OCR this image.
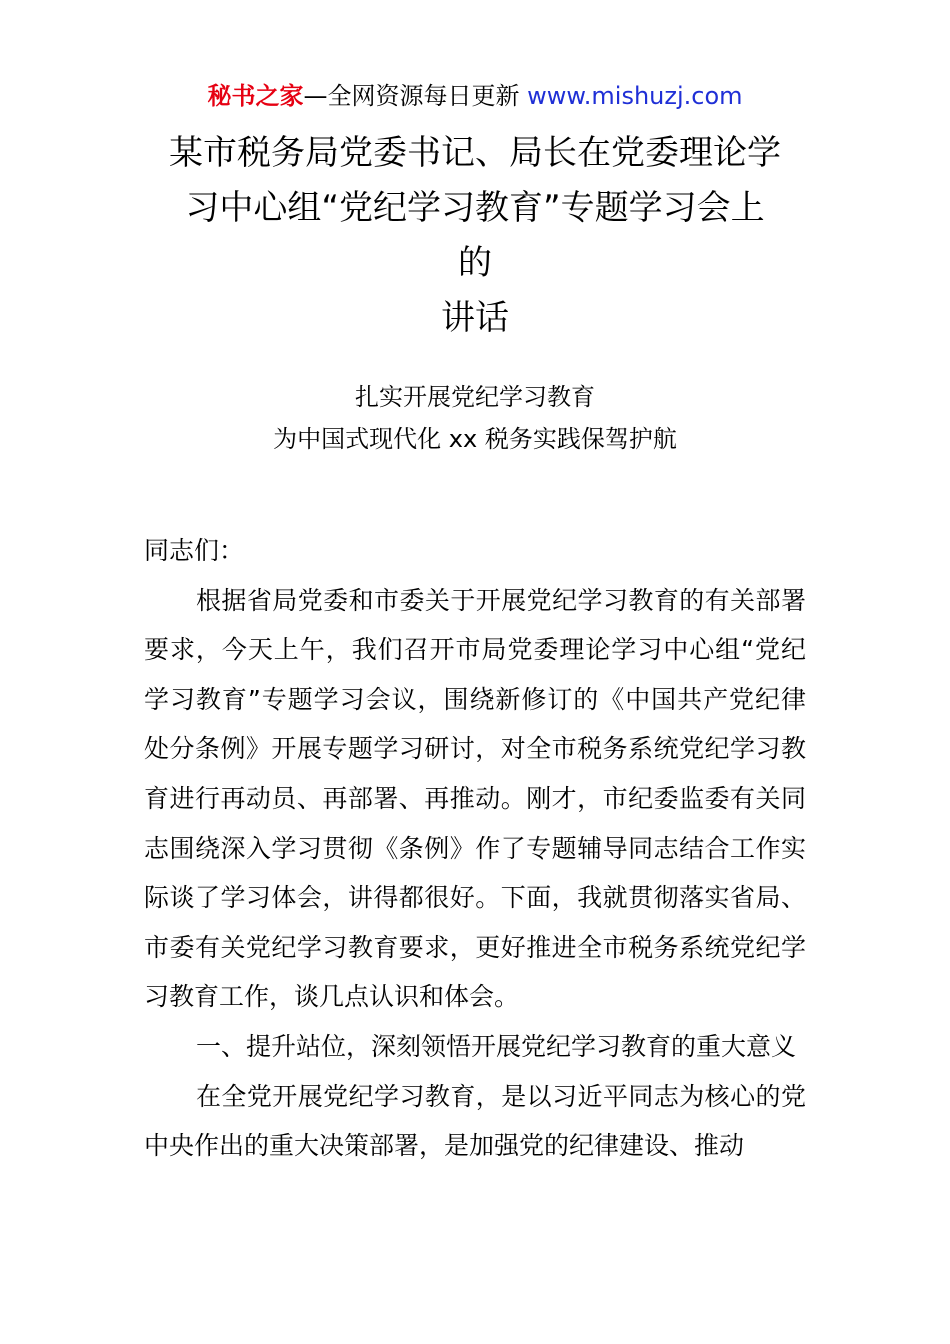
秘书之家—全网资源每日更新 www.mishuzj.com
某市税务局党委书记、局长在党委理论学
习中心组“党纪学习教育”专题学习会上
的
讲话
扎实开展党纪学习教育
为中国式现代化 xx 税务实践保驾护航

同志们：

根据省局党委和市委关于开展党纪学习教育的有关部署要求，今天上午，我们召开市局党委理论学习中心组“党纪学习教育”专题学习会议，围绕新修订的《中国共产党纪律处分条例》开展专题学习研讨，对全市税务系统党纪学习教育进行再动员、再部署、再推动。刚才，市纪委监委有关同志围绕深入学习贯彻《条例》作了专题辅导同志结合工作实际谈了学习体会，讲得都很好。下面，我就贯彻落实省局、市委有关党纪学习教育要求，更好推进全市税务系统党纪学习教育工作，谈几点认识和体会。

一、提升站位，深刻领悟开展党纪学习教育的重大意义

在全党开展党纪学习教育，是以习近平同志为核心的党中央作出的重大决策部署，是加强党的纪律建设、推动
